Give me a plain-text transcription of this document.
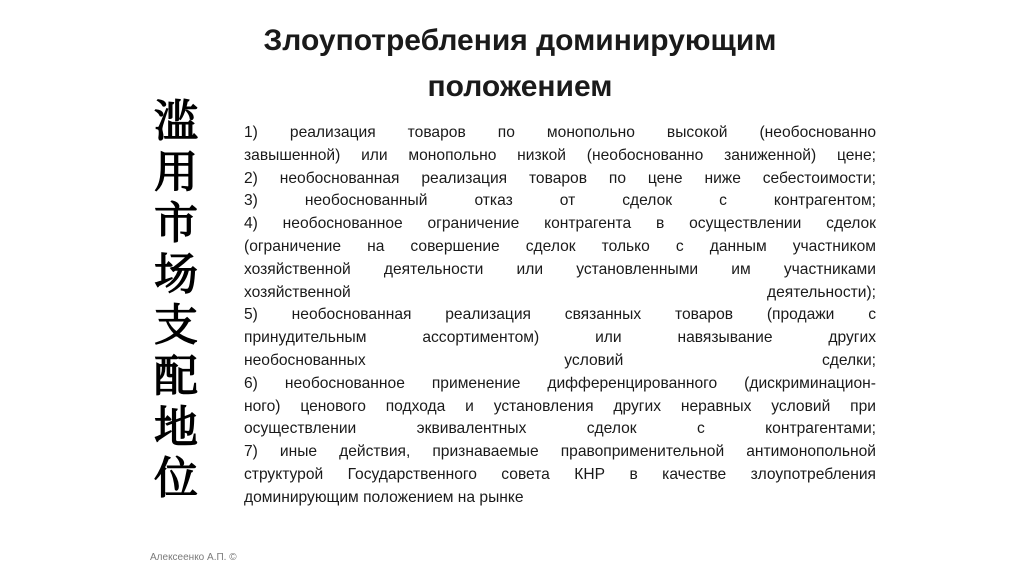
Злоупотребления доминирующим
положением
滥
用
市
场
支
配
地
位
1) реализация товаров по монопольно высокой (необоснованно
завышенной) или монопольно низкой (необоснованно заниженной) цене;
2) необоснованная реализация товаров по цене ниже себестоимости;
3) необоснованный отказ от сделок с контрагентом;
4) необоснованное ограничение контрагента в осуществлении сделок
(ограничение на совершение сделок только с данным участником
хозяйственной деятельности или установленными им участниками
хозяйственной деятельности);
5) необоснованная реализация связанных товаров (продажи с
принудительным ассортиментом) или навязывание других
необоснованных условий сделки;
6) необоснованное применение дифференцированного (дискриминацион-
ного) ценового подхода и установления других неравных условий при
осуществлении эквивалентных сделок с контрагентами;
7) иные действия, признаваемые правоприменительной антимонопольной
структурой Государственного совета КНР в качестве злоупотребления
доминирующим положением на рынке
Алексеенко А.П. ©
